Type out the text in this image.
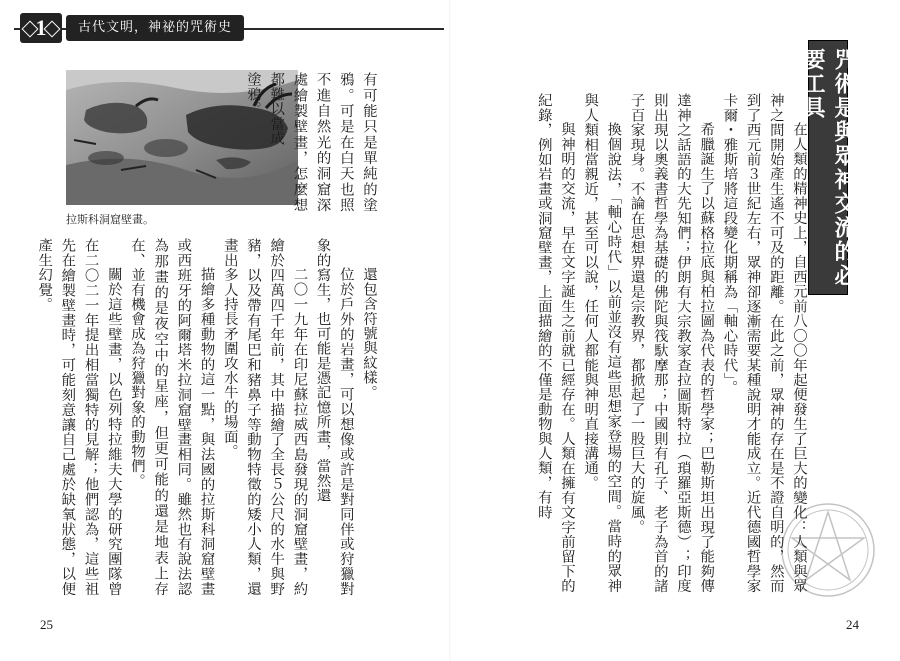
1	古代文明，神祕的咒術史
拉斯科洞窟壁畫。

有可能只是單純的塗鴉。可是在白天也照不進自然光的洞窟深處繪製壁畫，怎麼想都難以當成

塗鴉。

還包含符號與紋樣。

位於戶外的岩畫，可以想像或許是對同伴或狩獵對象的寫生，也可能是憑記憶所畫，當然還

二〇一九年在印尼蘇拉威西島發現的洞窟壁畫，約繪於四萬四千年前，其中描繪了全長５公尺的水牛與野豬，以及帶有尾巴和豬鼻子等動物特徵的矮小人類，還畫出多人持長矛圍攻水牛的場面。

描繪多種動物的這一點，與法國的拉斯科洞窟壁畫或西班牙的阿爾塔米拉洞窟壁畫相同。雖然也有說法認為那畫的是夜空中的星座，但更可能的還是地表上存在、並有機會成為狩獵對象的動物們。

關於這些壁畫，以色列特拉維夫大學的研究團隊曾在二〇二一年提出相當獨特的見解；他們認為，這些祖先在繪製壁畫時，可能刻意讓自己處於缺氧狀態，以便產生幻覺。	在人類的精神史上，自西元前八〇〇年起便發生了巨大的變化：人類與眾神之間開始產生遙不可及的距離。在此之前，眾神的存在是不證自明的，然而到了西元前３世紀左右，眾神卻逐漸需要某種說明才能成立。近代德國哲學家卡爾・雅斯培將這段變化期稱為「軸心時代」。

希臘誕生了以蘇格拉底與柏拉圖為代表的哲學家；巴勒斯坦出現了能夠傳達神之話語的大先知們；伊朗有大宗教家查拉圖斯特拉（瑣羅亞斯德）；印度則出現以奧義書哲學為基礎的佛陀與筏馱摩那；中國則有孔子、老子為首的諸子百家現身。不論在思想界還是宗教界，都掀起了一股巨大的旋風。

換個說法，「軸心時代」以前並沒有這些思想家登場的空間。當時的眾神與人類相當親近，甚至可以說，任何人都能與神明直接溝通。

與神明的交流，早在文字誕生之前就已經存在。人類在擁有文字前留下的紀錄，例如岩畫或洞窟壁畫，上面描繪的不僅是動物與人類，有時	咒術是與眾神交流的必要工具
25	24
